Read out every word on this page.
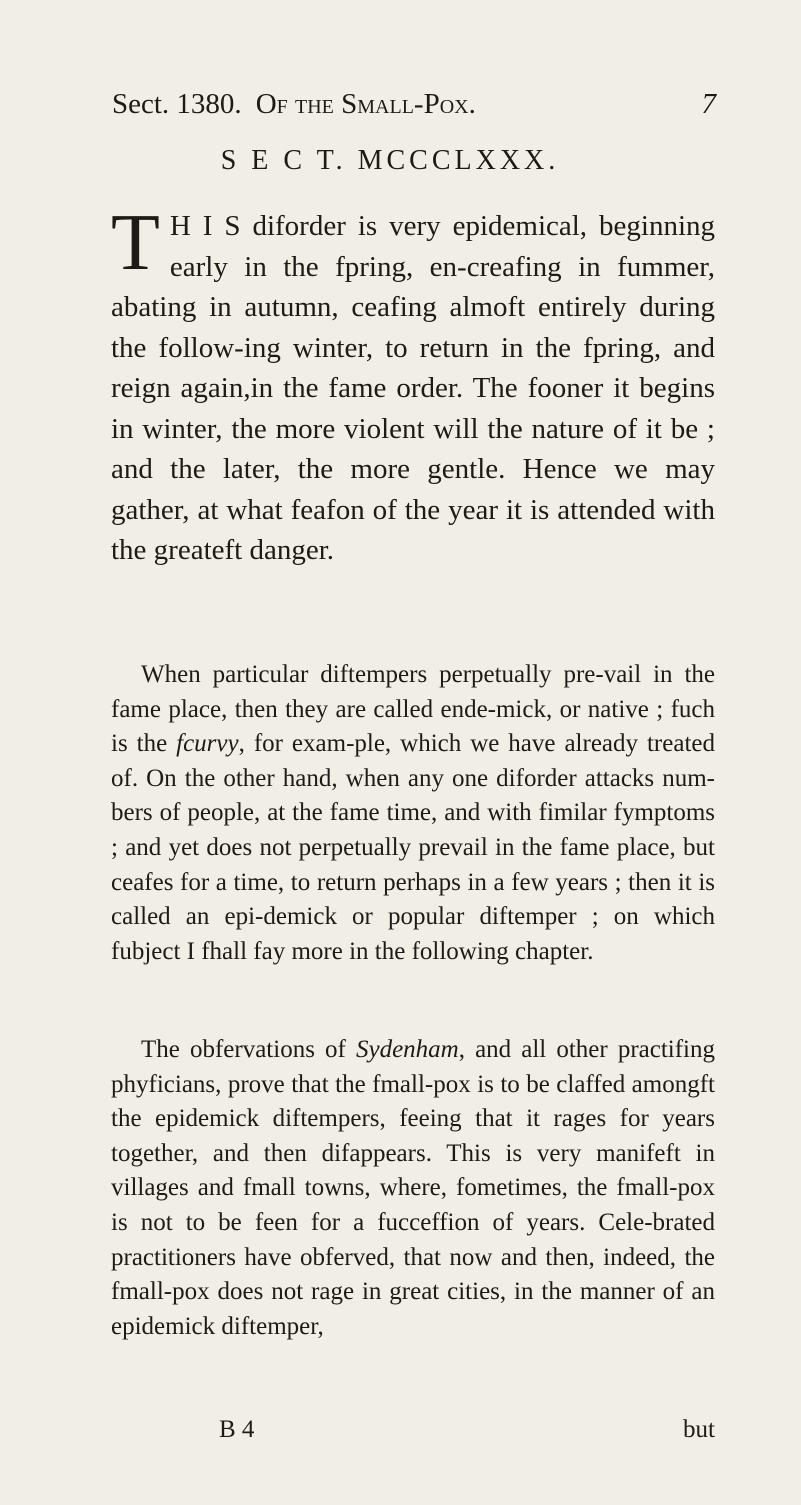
Sect. 1380. Of the Small-Pox.	7
S E C T. MCCCLXXX.
T H I S diforder is very epidemical, beginning early in the fpring, en-creafing in fummer, abating in autumn, ceafing almoft entirely during the follow-ing winter, to return in the fpring, and reign again,in the fame order. The fooner it begins in winter, the more violent will the nature of it be ; and the later, the more gentle. Hence we may gather, at what feafon of the year it is attended with the greateft danger.
When particular diftempers perpetually pre-vail in the fame place, then they are called ende-mick, or native ; fuch is the fcurvy, for exam-ple, which we have already treated of. On the other hand, when any one diforder attacks num-bers of people, at the fame time, and with fimilar fymptoms ; and yet does not perpetually prevail in the fame place, but ceafes for a time, to return perhaps in a few years ; then it is called an epi-demick or popular diftemper ; on which fubject I fhall fay more in the following chapter.
The obfervations of Sydenham, and all other practifing phyficians, prove that the fmall-pox is to be claffed amongft the epidemick diftempers, feeing that it rages for years together, and then difappears. This is very manifeft in villages and fmall towns, where, fometimes, the fmall-pox is not to be feen for a fucceffion of years. Cele-brated practitioners have obferved, that now and then, indeed, the fmall-pox does not rage in great cities, in the manner of an epidemick diftemper,
B 4	but
